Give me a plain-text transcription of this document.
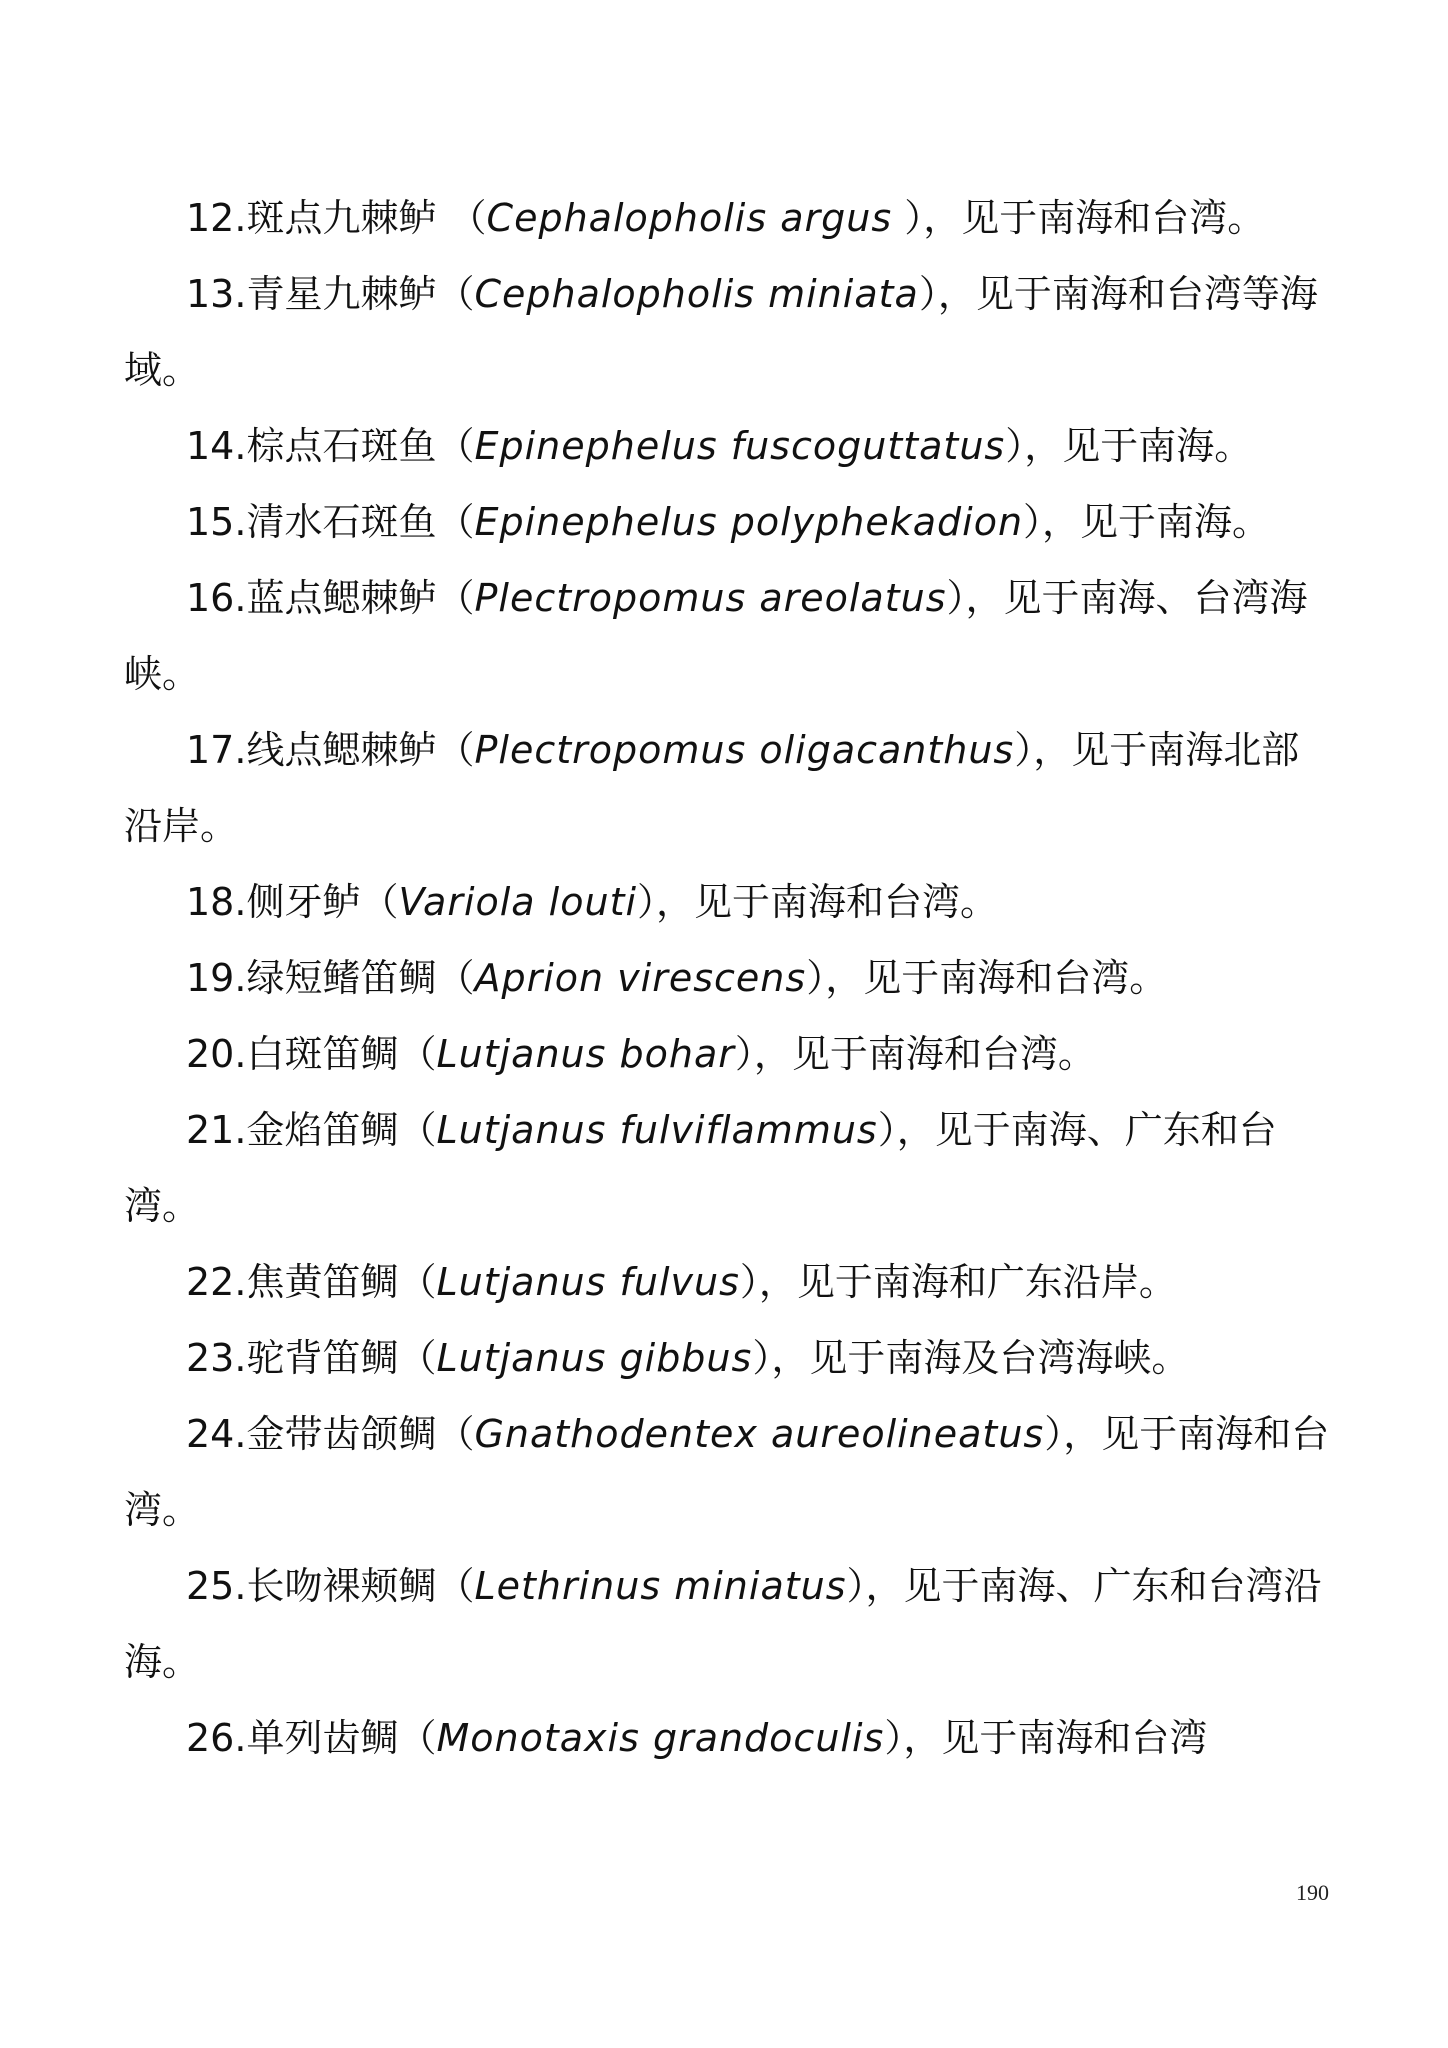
12.斑点九棘鲈 （Cephalopholis argus ），见于南海和台湾。

13.青星九棘鲈（Cephalopholis miniata），见于南海和台湾等海域。

14.棕点石斑鱼（Epinephelus fuscoguttatus），见于南海。

15.清水石斑鱼（Epinephelus polyphekadion），见于南海。

16.蓝点鳃棘鲈（Plectropomus areolatus），见于南海、台湾海峡。

17.线点鳃棘鲈（Plectropomus oligacanthus），见于南海北部沿岸。

18.侧牙鲈（Variola louti），见于南海和台湾。

19.绿短鳍笛鲷（Aprion virescens），见于南海和台湾。

20.白斑笛鲷（Lutjanus bohar），见于南海和台湾。

21.金焰笛鲷（Lutjanus fulviflammus），见于南海、广东和台湾。

22.焦黄笛鲷（Lutjanus fulvus），见于南海和广东沿岸。

23.驼背笛鲷（Lutjanus gibbus），见于南海及台湾海峡。

24.金带齿颌鲷（Gnathodentex aureolineatus），见于南海和台湾。

25.长吻裸颊鲷（Lethrinus miniatus），见于南海、广东和台湾沿海。

26.单列齿鲷（Monotaxis grandoculis），见于南海和台湾

190
